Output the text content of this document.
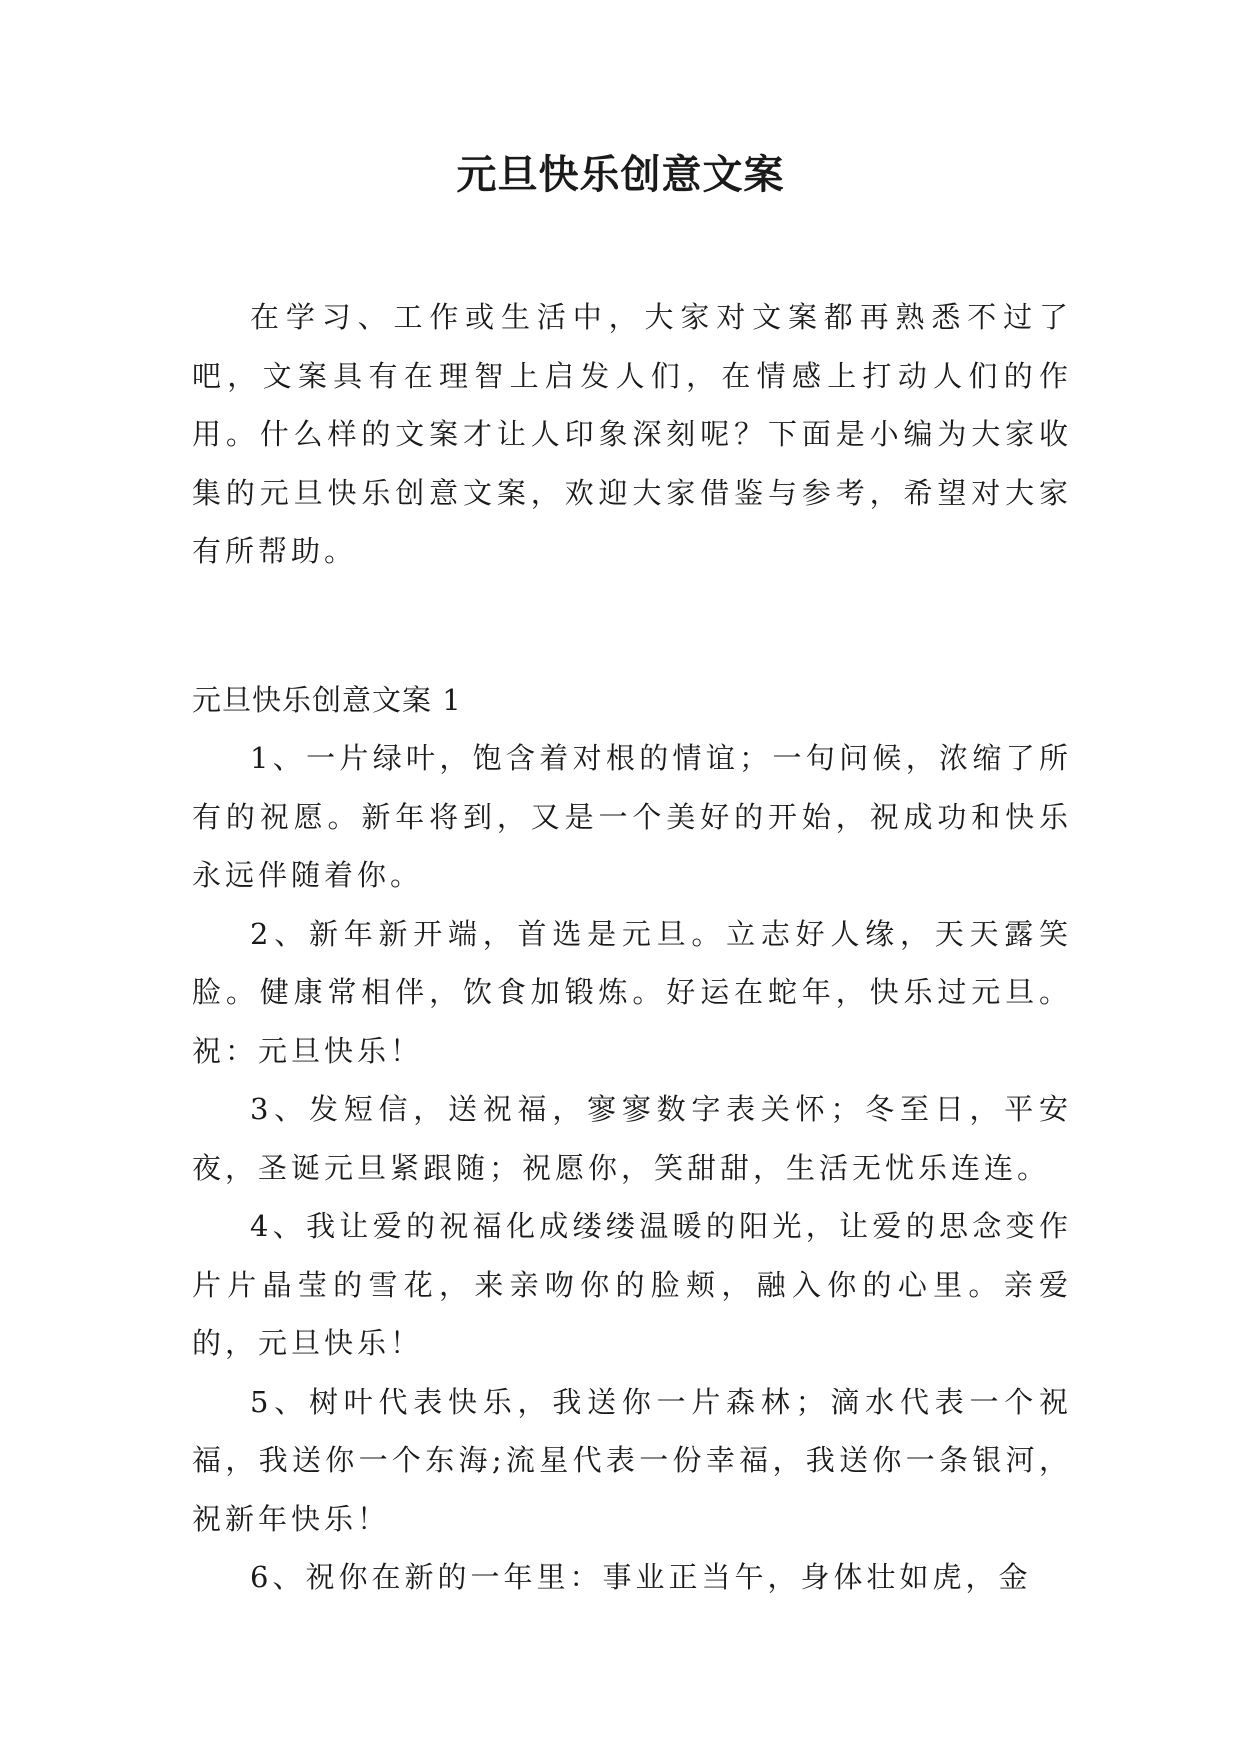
元旦快乐创意文案

在学习、工作或生活中，大家对文案都再熟悉不过了吧，文案具有在理智上启发人们，在情感上打动人们的作用。什么样的文案才让人印象深刻呢？下面是小编为大家收集的元旦快乐创意文案，欢迎大家借鉴与参考，希望对大家有所帮助。

元旦快乐创意文案 1

1、一片绿叶，饱含着对根的情谊；一句问候，浓缩了所有的祝愿。新年将到，又是一个美好的开始，祝成功和快乐永远伴随着你。

2、新年新开端，首选是元旦。立志好人缘，天天露笑脸。健康常相伴，饮食加锻炼。好运在蛇年，快乐过元旦。祝：元旦快乐！

3、发短信，送祝福，寥寥数字表关怀；冬至日，平安夜，圣诞元旦紧跟随；祝愿你，笑甜甜，生活无忧乐连连。

4、我让爱的祝福化成缕缕温暖的阳光，让爱的思念变作片片晶莹的雪花，来亲吻你的脸颊，融入你的心里。亲爱的，元旦快乐！

5、树叶代表快乐，我送你一片森林；滴水代表一个祝福，我送你一个东海;流星代表一份幸福，我送你一条银河，祝新年快乐！

6、祝你在新的一年里：事业正当午，身体壮如虎，金
